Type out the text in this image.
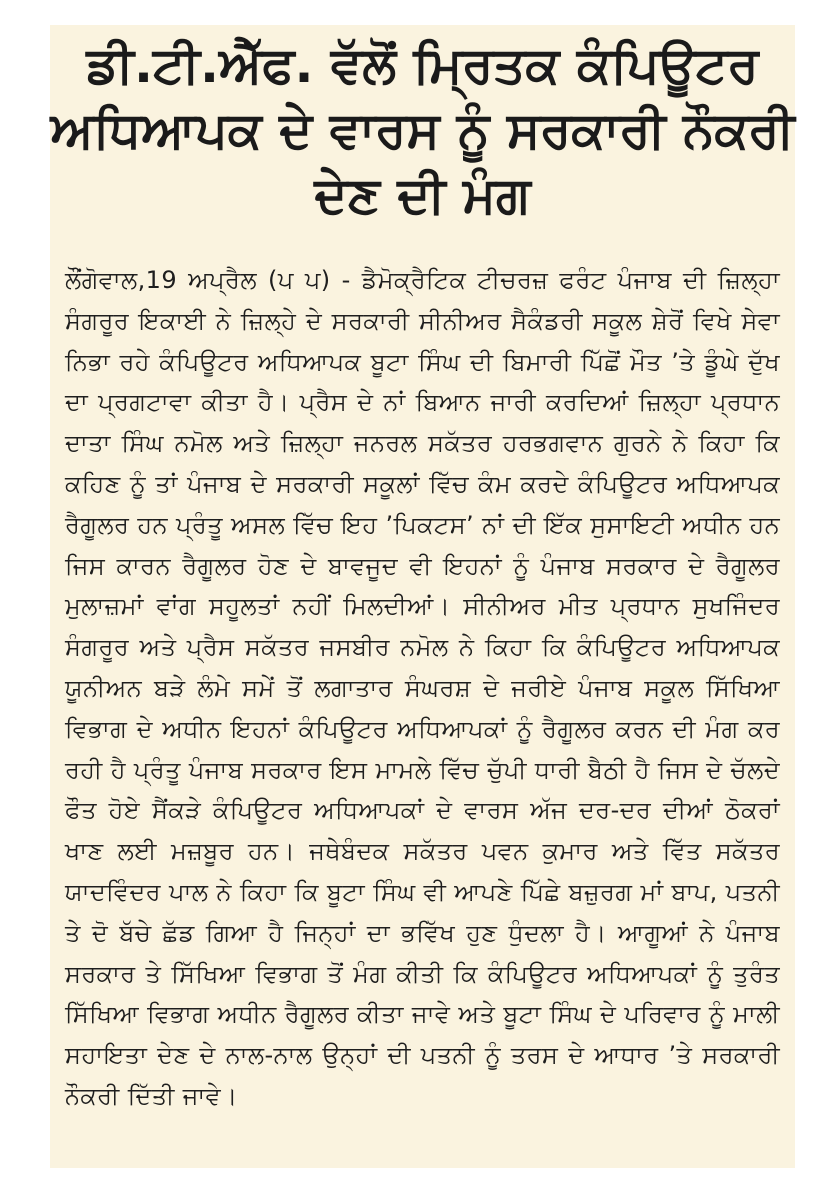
ਡੀ.ਟੀ.ਐੱਫ. ਵੱਲੋਂ ਮ੍ਰਿਤਕ ਕੰਪਿਊਟਰ ਅਧਿਆਪਕ ਦੇ ਵਾਰਸ ਨੂੰ ਸਰਕਾਰੀ ਨੌਕਰੀ ਦੇਣ ਦੀ ਮੰਗ

ਲੌਂਗੋਵਾਲ,19 ਅਪ੍ਰੈਲ (ਪ ਪ) - ਡੈਮੋਕ੍ਰੈਟਿਕ ਟੀਚਰਜ਼ ਫਰੰਟ ਪੰਜਾਬ ਦੀ ਜ਼ਿਲ੍ਹਾ ਸੰਗਰੂਰ ਇਕਾਈ ਨੇ ਜ਼ਿਲ੍ਹੇ ਦੇ ਸਰਕਾਰੀ ਸੀਨੀਅਰ ਸੈਕੰਡਰੀ ਸਕੂਲ ਸ਼ੇਰੋਂ ਵਿਖੇ ਸੇਵਾ ਨਿਭਾ ਰਹੇ ਕੰਪਿਊਟਰ ਅਧਿਆਪਕ ਬੂਟਾ ਸਿੰਘ ਦੀ ਬਿਮਾਰੀ ਪਿੱਛੋਂ ਮੌਤ ’ਤੇ ਡੂੰਘੇ ਦੁੱਖ ਦਾ ਪ੍ਰਗਟਾਵਾ ਕੀਤਾ ਹੈ। ਪ੍ਰੈਸ ਦੇ ਨਾਂ ਬਿਆਨ ਜਾਰੀ ਕਰਦਿਆਂ ਜ਼ਿਲ੍ਹਾ ਪ੍ਰਧਾਨ ਦਾਤਾ ਸਿੰਘ ਨਮੋਲ ਅਤੇ ਜ਼ਿਲ੍ਹਾ ਜਨਰਲ ਸਕੱਤਰ ਹਰਭਗਵਾਨ ਗੁਰਨੇ ਨੇ ਕਿਹਾ ਕਿ ਕਹਿਣ ਨੂੰ ਤਾਂ ਪੰਜਾਬ ਦੇ ਸਰਕਾਰੀ ਸਕੂਲਾਂ ਵਿੱਚ ਕੰਮ ਕਰਦੇ ਕੰਪਿਊਟਰ ਅਧਿਆਪਕ ਰੈਗੂਲਰ ਹਨ ਪ੍ਰੰਤੂ ਅਸਲ ਵਿੱਚ ਇਹ ’ਪਿਕਟਸ’ ਨਾਂ ਦੀ ਇੱਕ ਸੁਸਾਇਟੀ ਅਧੀਨ ਹਨ ਜਿਸ ਕਾਰਨ ਰੈਗੂਲਰ ਹੋਣ ਦੇ ਬਾਵਜੂਦ ਵੀ ਇਹਨਾਂ ਨੂੰ ਪੰਜਾਬ ਸਰਕਾਰ ਦੇ ਰੈਗੂਲਰ ਮੁਲਾਜ਼ਮਾਂ ਵਾਂਗ ਸਹੂਲਤਾਂ ਨਹੀਂ ਮਿਲਦੀਆਂ। ਸੀਨੀਅਰ ਮੀਤ ਪ੍ਰਧਾਨ ਸੁਖਜਿੰਦਰ ਸੰਗਰੂਰ ਅਤੇ ਪ੍ਰੈਸ ਸਕੱਤਰ ਜਸਬੀਰ ਨਮੋਲ ਨੇ ਕਿਹਾ ਕਿ ਕੰਪਿਊਟਰ ਅਧਿਆਪਕ ਯੂਨੀਅਨ ਬੜੇ ਲੰਮੇ ਸਮੇਂ ਤੋਂ ਲਗਾਤਾਰ ਸੰਘਰਸ਼ ਦੇ ਜਰੀਏ ਪੰਜਾਬ ਸਕੂਲ ਸਿੱਖਿਆ ਵਿਭਾਗ ਦੇ ਅਧੀਨ ਇਹਨਾਂ ਕੰਪਿਊਟਰ ਅਧਿਆਪਕਾਂ ਨੂੰ ਰੈਗੂਲਰ ਕਰਨ ਦੀ ਮੰਗ ਕਰ ਰਹੀ ਹੈ ਪ੍ਰੰਤੂ ਪੰਜਾਬ ਸਰਕਾਰ ਇਸ ਮਾਮਲੇ ਵਿੱਚ ਚੁੱਪੀ ਧਾਰੀ ਬੈਠੀ ਹੈ ਜਿਸ ਦੇ ਚੱਲਦੇ ਫੌਤ ਹੋਏ ਸੈਂਕੜੇ ਕੰਪਿਊਟਰ ਅਧਿਆਪਕਾਂ ਦੇ ਵਾਰਸ ਅੱਜ ਦਰ-ਦਰ ਦੀਆਂ ਠੋਕਰਾਂ ਖਾਣ ਲਈ ਮਜ਼ਬੂਰ ਹਨ। ਜਥੇਬੰਦਕ ਸਕੱਤਰ ਪਵਨ ਕੁਮਾਰ ਅਤੇ ਵਿੱਤ ਸਕੱਤਰ ਯਾਦਵਿੰਦਰ ਪਾਲ ਨੇ ਕਿਹਾ ਕਿ ਬੂਟਾ ਸਿੰਘ ਵੀ ਆਪਣੇ ਪਿੱਛੇ ਬਜ਼ੁਰਗ ਮਾਂ ਬਾਪ, ਪਤਨੀ ਤੇ ਦੋ ਬੱਚੇ ਛੱਡ ਗਿਆ ਹੈ ਜਿਨ੍ਹਾਂ ਦਾ ਭਵਿੱਖ ਹੁਣ ਧੁੰਦਲਾ ਹੈ। ਆਗੂਆਂ ਨੇ ਪੰਜਾਬ ਸਰਕਾਰ ਤੇ ਸਿੱਖਿਆ ਵਿਭਾਗ ਤੋਂ ਮੰਗ ਕੀਤੀ ਕਿ ਕੰਪਿਊਟਰ ਅਧਿਆਪਕਾਂ ਨੂੰ ਤੁਰੰਤ ਸਿੱਖਿਆ ਵਿਭਾਗ ਅਧੀਨ ਰੈਗੂਲਰ ਕੀਤਾ ਜਾਵੇ ਅਤੇ ਬੂਟਾ ਸਿੰਘ ਦੇ ਪਰਿਵਾਰ ਨੂੰ ਮਾਲੀ ਸਹਾਇਤਾ ਦੇਣ ਦੇ ਨਾਲ-ਨਾਲ ਉਨ੍ਹਾਂ ਦੀ ਪਤਨੀ ਨੂੰ ਤਰਸ ਦੇ ਆਧਾਰ ’ਤੇ ਸਰਕਾਰੀ ਨੌਕਰੀ ਦਿੱਤੀ ਜਾਵੇ।
